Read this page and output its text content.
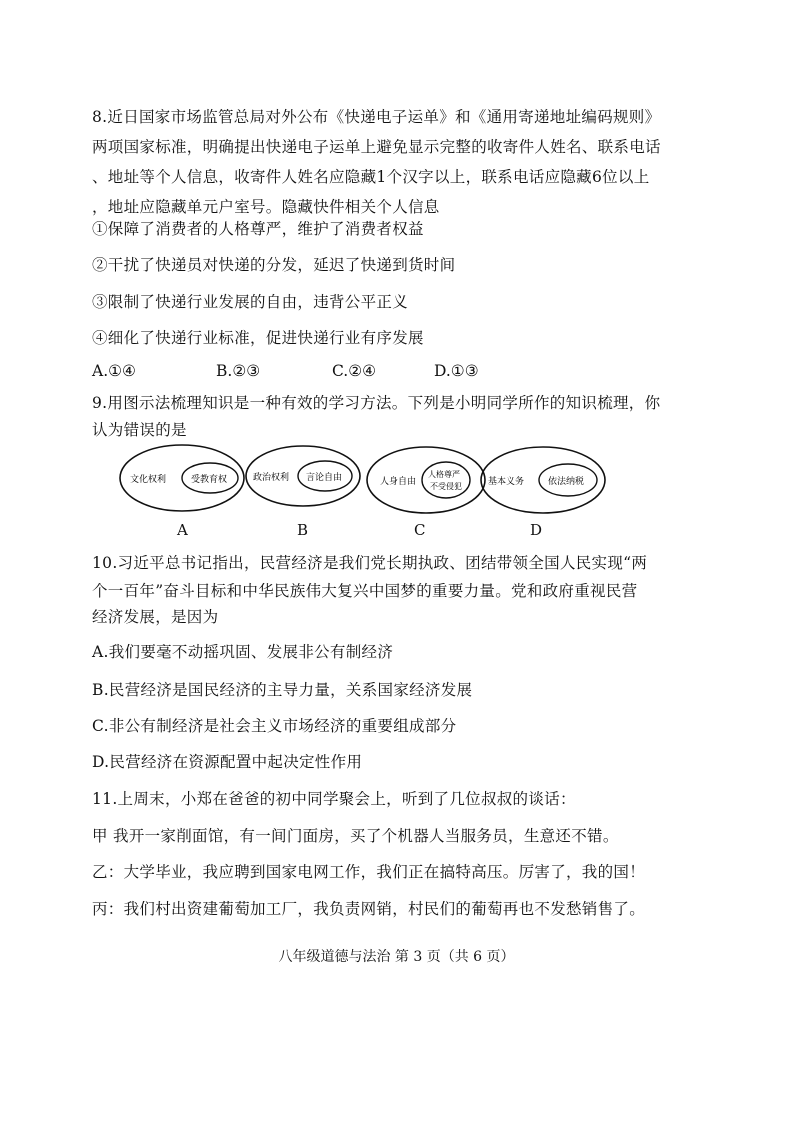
8.近日国家市场监管总局对外公布《快递电子运单》和《通用寄递地址编码规则》
两项国家标准，明确提出快递电子运单上避免显示完整的收寄件人姓名、联系电话
、地址等个人信息，收寄件人姓名应隐藏1个汉字以上，联系电话应隐藏6位以上
，地址应隐藏单元户室号。隐藏快件相关个人信息
①保障了消费者的人格尊严，维护了消费者权益
②干扰了快递员对快递的分发，延迟了快递到货时间
③限制了快递行业发展的自由，违背公平正义
④细化了快递行业标准，促进快递行业有序发展
A.①④	B.②③	C.②④	D.①③
9.用图示法梳理知识是一种有效的学习方法。下列是小明同学所作的知识梳理，你
认为错误的是
文化权利	受教育权	政治权利 言论自由	人身自由
人格尊严
不受侵犯	基本义务	依法纳税
A	B	C	D
10.习近平总书记指出，民营经济是我们党长期执政、团结带领全国人民实现“两
个一百年”奋斗目标和中华民族伟大复兴中国梦的重要力量。党和政府重视民营
经济发展，是因为
A.我们要毫不动摇巩固、发展非公有制经济
B.民营经济是国民经济的主导力量，关系国家经济发展
C.非公有制经济是社会主义市场经济的重要组成部分
D.民营经济在资源配置中起决定性作用
11.上周末，小郑在爸爸的初中同学聚会上，听到了几位叔叔的谈话：
甲 我开一家削面馆，有一间门面房，买了个机器人当服务员，生意还不错。
乙：大学毕业，我应聘到国家电网工作，我们正在搞特高压。厉害了，我的国！
丙：我们村出资建葡萄加工厂，我负责网销，村民们的葡萄再也不发愁销售了。
八年级道德与法治 第 3 页（共 6 页）
